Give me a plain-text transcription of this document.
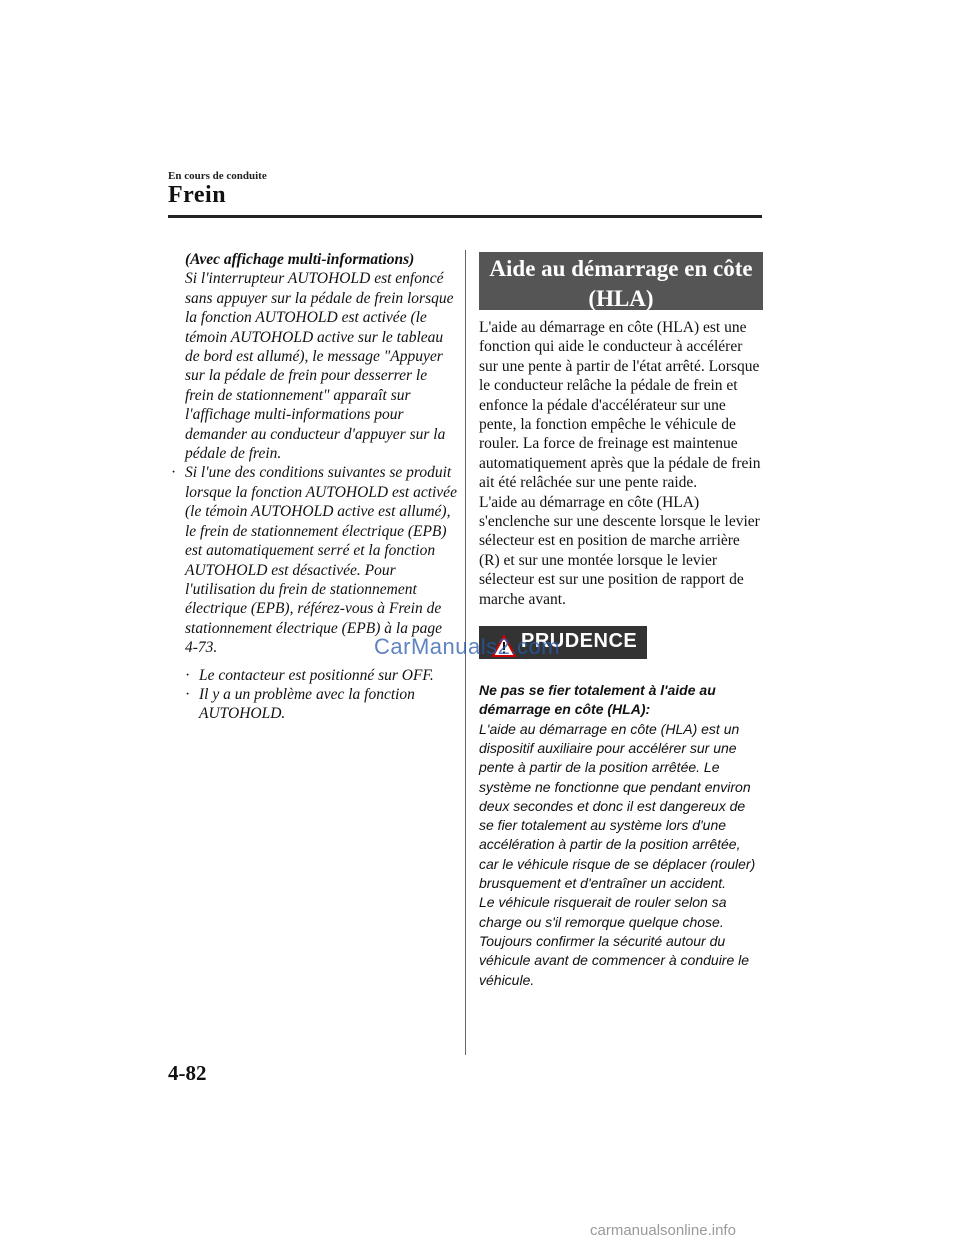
En cours de conduite
Frein
(Avec affichage multi-informations)
Si l'interrupteur AUTOHOLD est enfoncé sans appuyer sur la pédale de frein lorsque la fonction AUTOHOLD est activée (le témoin AUTOHOLD active sur le tableau de bord est allumé), le message "Appuyer sur la pédale de frein pour desserrer le frein de stationnement" apparaît sur l'affichage multi-informations pour demander au conducteur d'appuyer sur la pédale de frein.
· Si l'une des conditions suivantes se produit lorsque la fonction AUTOHOLD est activée (le témoin AUTOHOLD active est allumé), le frein de stationnement électrique (EPB) est automatiquement serré et la fonction AUTOHOLD est désactivée. Pour l'utilisation du frein de stationnement électrique (EPB), référez-vous à Frein de stationnement électrique (EPB) à la page 4-73.
· Le contacteur est positionné sur OFF.
· Il y a un problème avec la fonction AUTOHOLD.
Aide au démarrage en côte
(HLA)
L'aide au démarrage en côte (HLA) est une fonction qui aide le conducteur à accélérer sur une pente à partir de l'état arrêté. Lorsque le conducteur relâche la pédale de frein et enfonce la pédale d'accélérateur sur une pente, la fonction empêche le véhicule de rouler. La force de freinage est maintenue automatiquement après que la pédale de frein ait été relâchée sur une pente raide.
L'aide au démarrage en côte (HLA) s'enclenche sur une descente lorsque le levier sélecteur est en position de marche arrière (R) et sur une montée lorsque le levier sélecteur est sur une position de rapport de marche avant.
PRUDENCE
Ne pas se fier totalement à l'aide au démarrage en côte (HLA):
L'aide au démarrage en côte (HLA) est un dispositif auxiliaire pour accélérer sur une pente à partir de la position arrêtée. Le système ne fonctionne que pendant environ deux secondes et donc il est dangereux de se fier totalement au système lors d'une accélération à partir de la position arrêtée, car le véhicule risque de se déplacer (rouler) brusquement et d'entraîner un accident.
Le véhicule risquerait de rouler selon sa charge ou s'il remorque quelque chose. Toujours confirmer la sécurité autour du véhicule avant de commencer à conduire le véhicule.
CarManuals2.com
4-82
carmanualsonline.info
